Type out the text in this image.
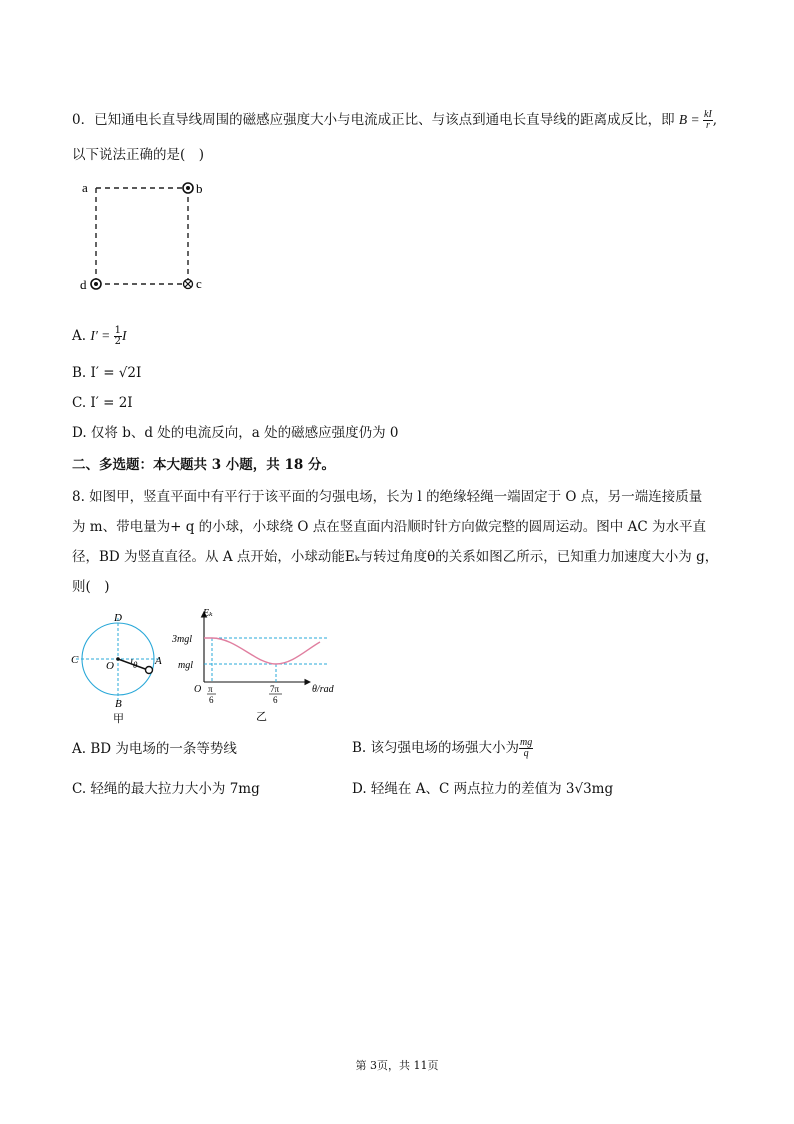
0．已知通电长直导线周围的磁感应强度大小与电流成正比、与该点到通电长直导线的距离成反比，即 $B = \frac{kI}{r}$ ,
以下说法正确的是(　)
a	b
c
d
A. $I' = \frac{1}{2}$ I
B. I′ = √2I
C. I′ = 2I
D. 仅将 b、d 处的电流反向，a 处的磁感应强度仍为 0
二、多选题：本大题共 3 小题，共 18 分。
8. 如图甲，竖直平面中有平行于该平面的匀强电场，长为 l 的绝缘轻绳一端固定于 O 点，另一端连接质量
为 m、带电量为+ q 的小球，小球绕 O 点在竖直面内沿顺时针方向做完整的圆周运动。图中 AC 为水平直
径，BD 为竖直直径。从 A 点开始，小球动能Eₖ与转过角度θ的关系如图乙所示，已知重力加速度大小为 g，
则(　)
D
C	O θ A
B
甲
Eₖ
3mgl
mgl
O π
6
7π
6
θ/rad
乙
A. BD 为电场的一条等势线	B. 该匀强电场的场强大小为 $\frac{mg}{q}$
C. 轻绳的最大拉力大小为 7mg	D. 轻绳在 A、C 两点拉力的差值为 3√3mg
第 3页，共 11页
